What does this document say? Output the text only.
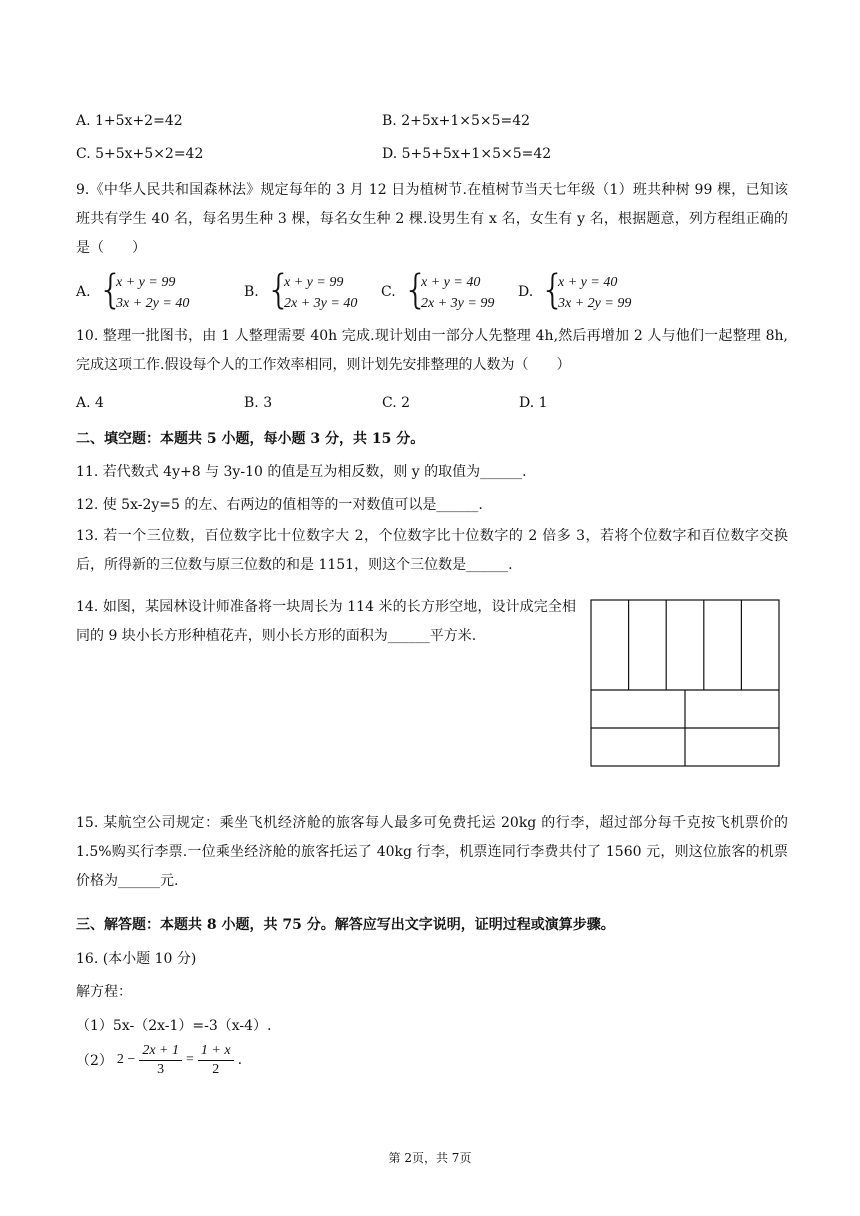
A. 1+5x+2=42	B. 2+5x+1×5×5=42
C. 5+5x+5×2=42	D. 5+5+5x+1×5×5=42
9.《中华人民共和国森林法》规定每年的 3 月 12 日为植树节.在植树节当天七年级（1）班共种树 99 棵，已知该班共有学生 40 名，每名男生种 3 棵，每名女生种 2 棵.设男生有 x 名，女生有 y 名，根据题意，列方程组正确的是（　　）
A. {
x + y = 99
3x + 2y = 40
B. {
x + y = 99
2x + 3y = 40
C. {
x + y = 40
2x + 3y = 99
D. {
x + y = 40
3x + 2y = 99
10. 整理一批图书，由 1 人整理需要 40h 完成.现计划由一部分人先整理 4h,然后再增加 2 人与他们一起整理 8h,完成这项工作.假设每个人的工作效率相同，则计划先安排整理的人数为（　　）
A. 4	B. 3	C. 2	D. 1
二、填空题：本题共 5 小题，每小题 3 分，共 15 分。
11. 若代数式 4y+8 与 3y-10 的值是互为相反数，则 y 的取值为______.
12. 使 5x-2y=5 的左、右两边的值相等的一对数值可以是______.
13. 若一个三位数，百位数字比十位数字大 2，个位数字比十位数字的 2 倍多 3，若将个位数字和百位数字交换后，所得新的三位数与原三位数的和是 1151，则这个三位数是______.
14. 如图，某园林设计师准备将一块周长为 114 米的长方形空地，设计成完全相同的 9 块小长方形种植花卉，则小长方形的面积为______平方米.
15. 某航空公司规定：乘坐飞机经济舱的旅客每人最多可免费托运 20kg 的行李，超过部分每千克按飞机票价的 1.5%购买行李票.一位乘坐经济舱的旅客托运了 40kg 行李，机票连同行李费共付了 1560 元，则这位旅客的机票价格为______元.
三、解答题：本题共 8 小题，共 75 分。解答应写出文字说明，证明过程或演算步骤。
16. (本小题 10 分)
解方程：
（1）5x-（2x-1）=-3（x-4）.
（2） $2 - \frac{2x + 1}{3} = \frac{1 + x}{2}$ .
第 2页，共 7页
